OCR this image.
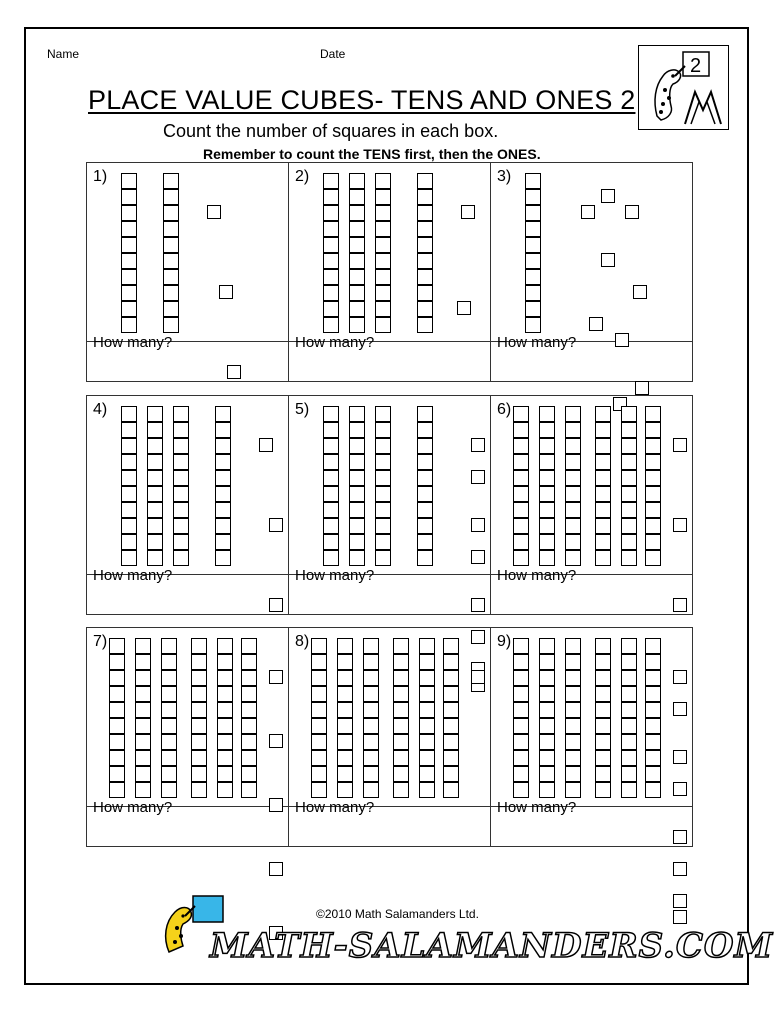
Name	Date
2
PLACE VALUE CUBES- TENS AND ONES 2
Count the number of squares in each box.
Remember to count the TENS first, then the ONES.
1)
How many?
2)
How many?
3)
How many?
4)
How many?
5)
How many?
6)
How many?
7)
How many?
8)
How many?
9)
How many?
©2010 Math Salamanders Ltd.
MATH-SALAMANDERS.COM
